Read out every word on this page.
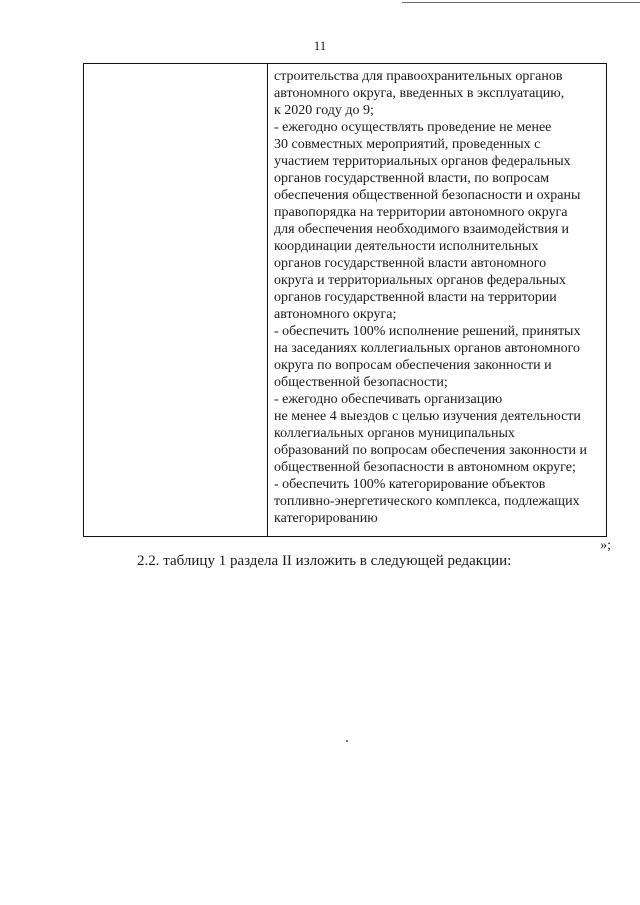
11
строительства для правоохранительных органов
автономного округа, введенных в эксплуатацию,
к 2020 году до 9;
- ежегодно осуществлять проведение не менее
30 совместных мероприятий, проведенных с
участием территориальных органов федеральных
органов государственной власти, по вопросам
обеспечения общественной безопасности и охраны
правопорядка на территории автономного округа
для обеспечения необходимого взаимодействия и
координации деятельности исполнительных
органов государственной власти автономного
округа и территориальных органов федеральных
органов государственной власти на территории
автономного округа;
- обеспечить 100% исполнение решений, принятых
на заседаниях коллегиальных органов автономного
округа по вопросам обеспечения законности и
общественной безопасности;
- ежегодно обеспечивать организацию
не менее 4 выездов с целью изучения деятельности
коллегиальных органов муниципальных
образований по вопросам обеспечения законности и
общественной безопасности в автономном округе;
- обеспечить 100% категорирование объектов
топливно-энергетического комплекса, подлежащих
категорированию
»;
2.2. таблицу 1 раздела II изложить в следующей редакции:
